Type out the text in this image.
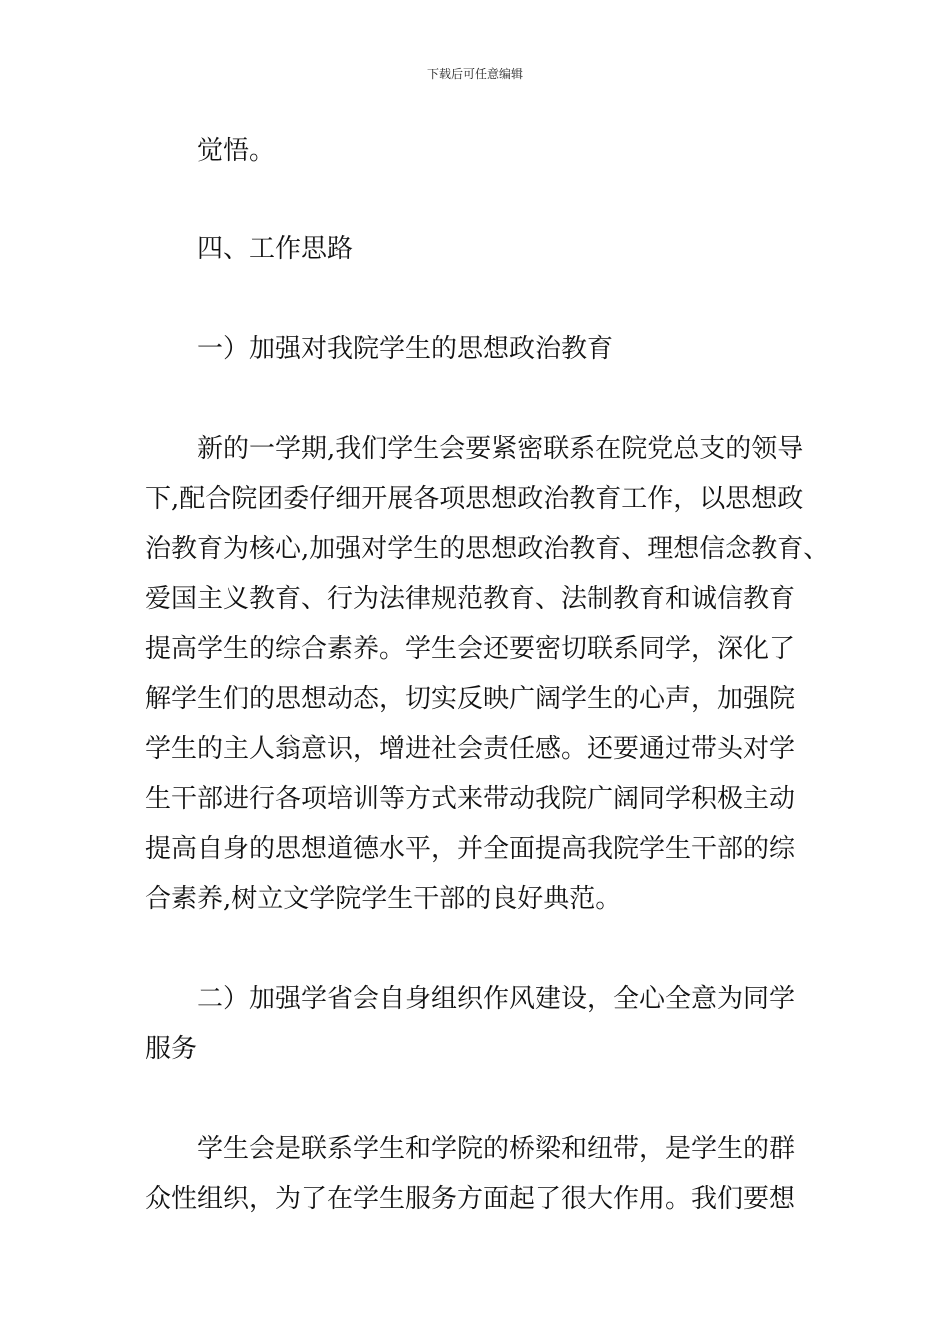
下载后可任意编辑
觉悟。
四、工作思路
一）加强对我院学生的思想政治教育
新的一学期,我们学生会要紧密联系在院党总支的领导
下,配合院团委仔细开展各项思想政治教育工作，以思想政
治教育为核心,加强对学生的思想政治教育、理想信念教育、
爱国主义教育、行为法律规范教育、法制教育和诚信教育
提高学生的综合素养。学生会还要密切联系同学，深化了
解学生们的思想动态，切实反映广阔学生的心声，加强院
学生的主人翁意识，增进社会责任感。还要通过带头对学
生干部进行各项培训等方式来带动我院广阔同学积极主动
提高自身的思想道德水平，并全面提高我院学生干部的综
合素养,树立文学院学生干部的良好典范。
二）加强学省会自身组织作风建设，全心全意为同学
服务
学生会是联系学生和学院的桥梁和纽带，是学生的群
众性组织，为了在学生服务方面起了很大作用。我们要想
